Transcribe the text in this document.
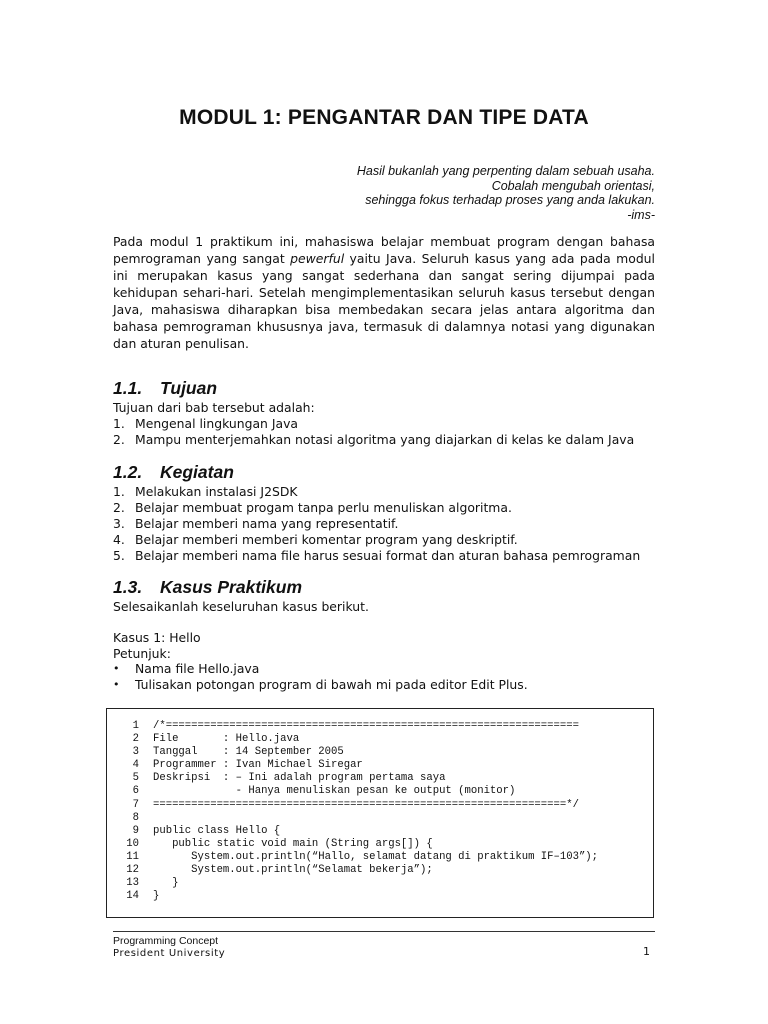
MODUL 1: PENGANTAR DAN TIPE DATA
Hasil bukanlah yang perpenting dalam sebuah usaha.
Cobalah mengubah orientasi,
sehingga fokus terhadap proses yang anda lakukan.
-ims-

Pada modul 1 praktikum ini, mahasiswa belajar membuat program dengan bahasa pemrograman yang sangat pewerful yaitu Java. Seluruh kasus yang ada pada modul ini merupakan kasus yang sangat sederhana dan sangat sering dijumpai pada kehidupan sehari-hari. Setelah mengimplementasikan seluruh kasus tersebut dengan Java, mahasiswa diharapkan bisa membedakan secara jelas antara algoritma dan bahasa pemrograman khususnya java, termasuk di dalamnya notasi yang digunakan dan aturan penulisan.

1.1. Tujuan

Tujuan dari bab tersebut adalah:

1. Mengenal lingkungan Java
2. Mampu menterjemahkan notasi algoritma yang diajarkan di kelas ke dalam Java
1.2. Kegiatan
1. Melakukan instalasi J2SDK
2. Belajar membuat progam tanpa perlu menuliskan algoritma.
3. Belajar memberi nama yang representatif.
4. Belajar memberi memberi komentar program yang deskriptif.
5. Belajar memberi nama file harus sesuai format dan aturan bahasa pemrograman
1.3. Kasus Praktikum

Selesaikanlah keseluruhan kasus berikut.

Kasus 1: Hello

Petunjuk:

•	Nama file Hello.java
•	Tulisakan potongan program di bawah mi pada editor Edit Plus.
1	/*=================================================================
2	File       : Hello.java
3	Tanggal    : 14 September 2005
4	Programmer : Ivan Michael Siregar
5	Deskripsi  : – Ini adalah program pertama saya
6	- Hanya menuliskan pesan ke output (monitor)
7	=================================================================*/
8
9	public class Hello {
10	public static void main (String args[]) {
11	System.out.println(“Hallo, selamat datang di praktikum IF–103”);
12	System.out.println(“Selamat bekerja”);
13	}
14	}
Programming Concept
President University	1
